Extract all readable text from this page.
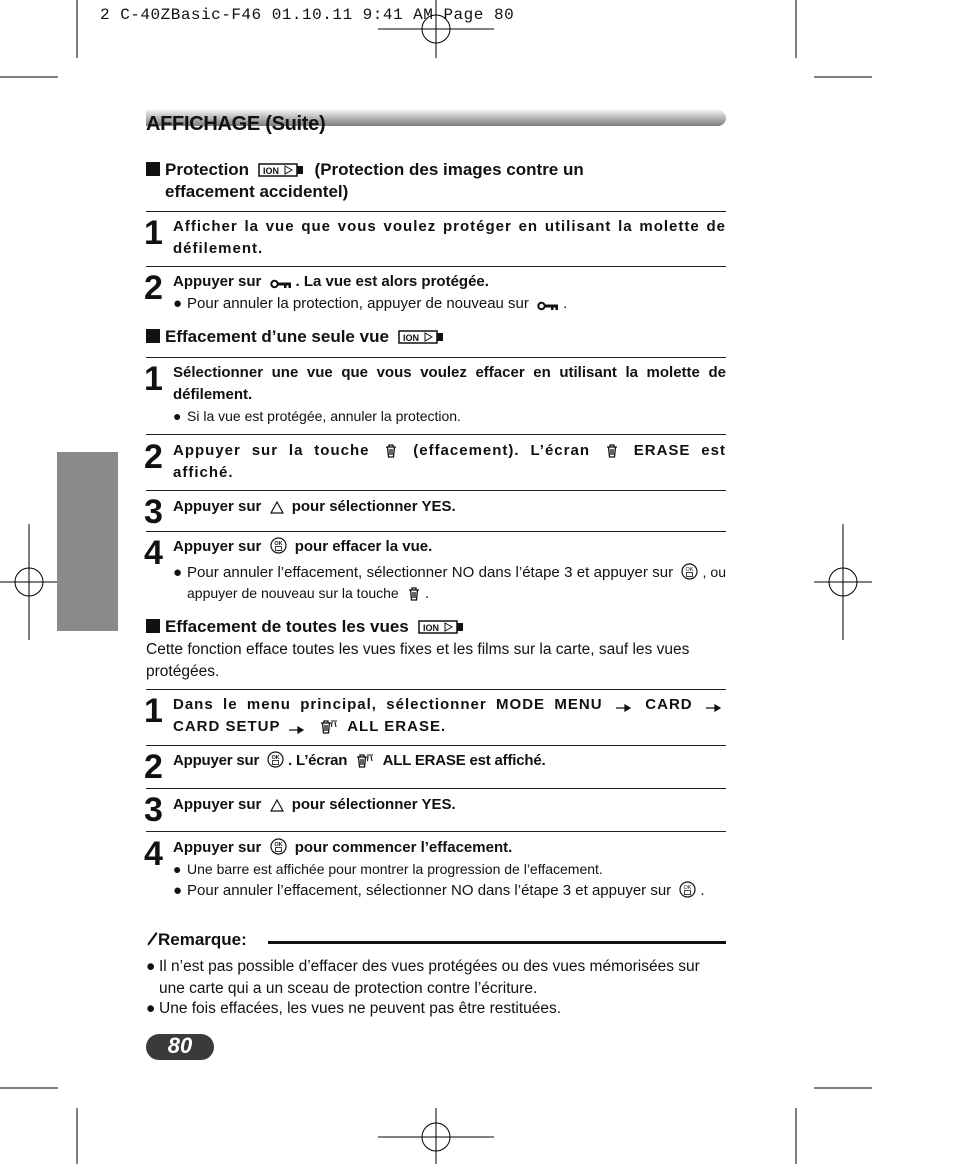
2 C-40ZBasic-F46 01.10.11 9:41 AM Page 80
AFFICHAGE (Suite)
Protection ION (Protection des images contre un
effacement accidentel)
1 Afficher la vue que vous voulez protéger en utilisant la molette de défilement.
2 Appuyer sur . La vue est alors protégée.
● Pour annuler la protection, appuyer de nouveau sur .
Effacement d’une seule vue ION
1 Sélectionner une vue que vous voulez effacer en utilisant la molette de défilement.
● Si la vue est protégée, annuler la protection.
2 Appuyer sur la touche	(effacement). L’écran	ERASE est affiché.
3 Appuyer sur pour sélectionner YES.
4 Appuyer sur OK pour effacer la vue.
● Pour annuler l’effacement, sélectionner NO dans l’étape 3 et appuyer sur OK , ou appuyer de nouveau sur la touche .
Effacement de toutes les vues ION
Cette fonction efface toutes les vues fixes et les films sur la carte, sauf les vues protégées.
1 Dans le menu principal, sélectionner MODE MENU	CARD  CARD SETUP	ALL ERASE.
2 Appuyer sur OK . L’écran ALL ERASE est affiché.
3 Appuyer sur pour sélectionner YES.
4 Appuyer sur OK pour commencer l’effacement.
● Une barre est affichée pour montrer la progression de l’effacement.
● Pour annuler l’effacement, sélectionner NO dans l’étape 3 et appuyer sur OK .
Remarque:
● Il n’est pas possible d’effacer des vues protégées ou des vues mémorisées sur une carte qui a un sceau de protection contre l’écriture.
● Une fois effacées, les vues ne peuvent pas être restituées.
80
